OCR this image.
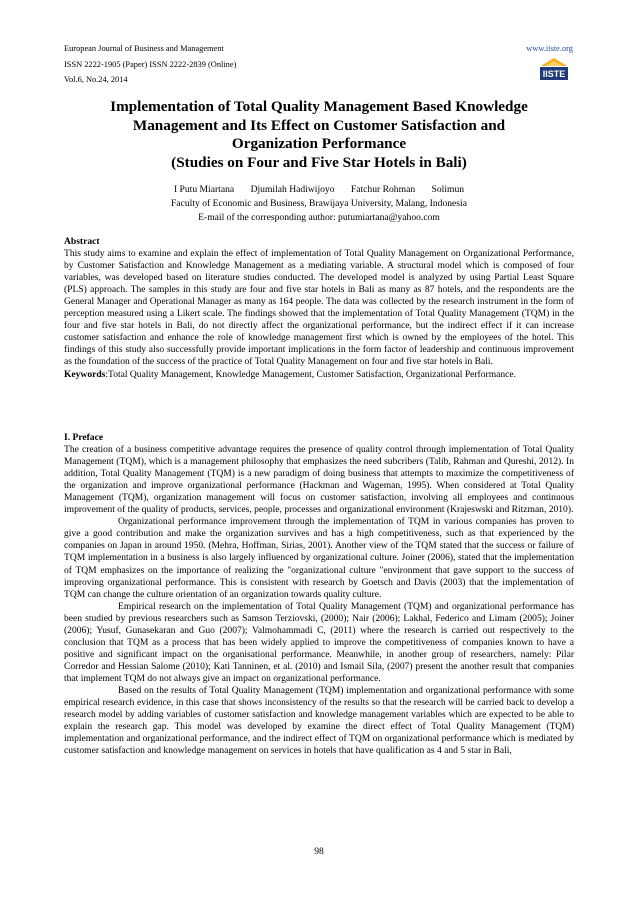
European Journal of Business and Management
ISSN 2222-1905 (Paper) ISSN 2222-2839 (Online)
Vol.6, No.24, 2014
www.iiste.org
IISTE
Implementation of Total Quality Management Based Knowledge
Management and Its Effect on Customer Satisfaction and
Organization Performance
(Studies on Four and Five Star Hotels in Bali)
I Putu Miartana Djumilah Hadiwijoyo Fatchur Rohman Solimun
Faculty of Economic and Business, Brawijaya University, Malang, Indonesia
E-mail of the corresponding author: putumiartana@yahoo.com

Abstract

This study aims to examine and explain the effect of implementation of Total Quality Management on Organizational Performance, by Customer Satisfaction and Knowledge Management as a mediating variable. A structural model which is composed of four variables, was developed based on literature studies conducted. The developed model is analyzed by using Partial Least Square (PLS) approach. The samples in this study are four and five star hotels in Bali as many as 87 hotels, and the respondents are the General Manager and Operational Manager as many as 164 people. The data was collected by the research instrument in the form of perception measured using a Likert scale. The findings showed that the implementation of Total Quality Management (TQM) in the four and five star hotels in Bali, do not directly affect the organizational performance, but the indirect effect if it can increase customer satisfaction and enhance the role of knowledge management first which is owned by the employees of the hotel. This findings of this study also successfully provide important implications in the form factor of leadership and continuous improvement as the foundation of the success of the practice of Total Quality Management on four and five star hotels in Bali.

Keywords:Total Quality Management, Knowledge Management, Customer Satisfaction, Organizational Performance.

I. Preface

The creation of a business competitive advantage requires the presence of quality control through implementation of Total Quality Management (TQM), which is a management philosophy that emphasizes the need subcribers (Talib, Rahman and Qureshi, 2012). In addition, Total Quality Management (TQM) is a new paradigm of doing business that attempts to maximize the competitiveness of the organization and improve organizational performance (Hackman and Wageman, 1995). When considered at Total Quality Management (TQM), organization management will focus on customer satisfaction, involving all employees and continuous improvement of the quality of products, services, people, processes and organizational environment (Krajeswski and Ritzman, 2010).

Organizational performance improvement through the implementation of TQM in various companies has proven to give a good contribution and make the organization survives and has a high competitiveness, such as that experienced by the companies on Japan in around 1950. (Mehra, Hoffman, Sirias, 2001). Another view of the TQM stated that the success or failure of TQM implementation in a business is also largely influenced by organizational culture. Joiner (2006), stated that the implementation of TQM emphasizes on the importance of realizing the "organizational culture "environment that gave support to the success of improving organizational performance. This is consistent with research by Goetsch and Davis (2003) that the implementation of TQM can change the culture orientation of an organization towards quality culture.

Empirical research on the implementation of Total Quality Management (TQM) and organizational performance has been studied by previous researchers such as Samson Terziovski, (2000); Nair (2006); Lakhal, Federico and Limam (2005); Joiner (2006); Yusuf, Gunasekaran and Guo (2007); Valmohammadi C, (2011) where the research is carried out respectively to the conclusion that TQM as a process that has been widely applied to improve the competitiveness of companies known to have a positive and significant impact on the organisational performance. Meanwhile, in another group of researchers, namely: Pilar Corredor and Hessian Salome (2010); Kati Tanninen, et al. (2010) and Ismail Sila, (2007) present the another result that companies that implement TQM do not always give an impact on organizational performance.

Based on the results of Total Quality Management (TQM) implementation and organizational performance with some empirical research evidence, in this case that shows inconsistency of the results so that the research will be carried back to develop a research model by adding variables of customer satisfaction and knowledge management variables which are expected to be able to explain the research gap. This model was developed by examine the direct effect of Total Quality Management (TQM) implementation and organizational performance, and the indirect effect of TQM on organizational performance which is mediated by customer satisfaction and knowledge management on services in hotels that have qualification as 4 and 5 star in Bali,

98
